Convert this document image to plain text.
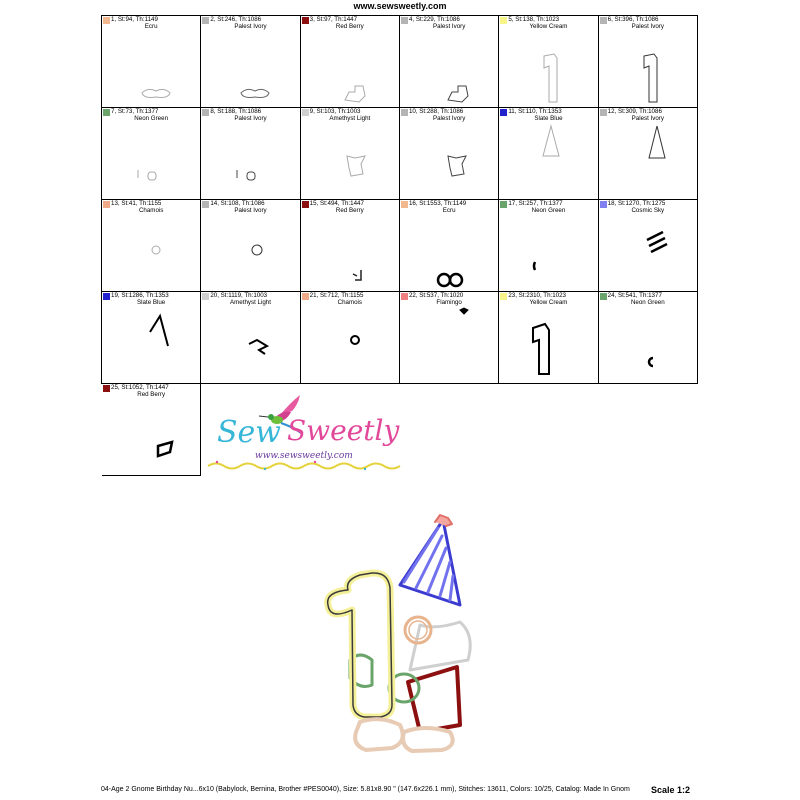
www.sewsweetly.com
1, St:94, Th:1149
Ecru
2, St:246, Th:1086
Palest Ivory
3, St:97, Th:1447
Red Berry
4, St:229, Th:1086
Palest Ivory
5, St:138, Th:1023
Yellow Cream
6, St:396, Th:1086
Palest Ivory
7, St:73, Th:1377
Neon Green
8, St:188, Th:1086
Palest Ivory
9, St:103, Th:1003
Amethyst Light
10, St:288, Th:1086
Palest Ivory
11, St:110, Th:1353
Slate Blue
12, St:309, Th:1086
Palest Ivory
13, St:41, Th:1155
Chamois
14, St:108, Th:1086
Palest Ivory
15, St:494, Th:1447
Red Berry
16, St:1553, Th:1149
Ecru
17, St:257, Th:1377
Neon Green
18, St:1270, Th:1275
Cosmic Sky
19, St:1286, Th:1353
Slate Blue
20, St:1119, Th:1003
Amethyst Light
21, St:712, Th:1155
Chamois
22, St:537, Th:1020
Flamingo
23, St:2310, Th:1023
Yellow Cream
24, St:541, Th:1377
Neon Green
25, St:1052, Th:1447
Red Berry
Sew Sweetly
www.sewsweetly.com
04-Age 2 Gnome Birthday Nu...6x10 (Babylock, Bernina, Brother #PES0040), Size: 5.81x8.90 " (147.6x226.1 mm), Stitches: 13611, Colors: 10/25, Catalog: Made In Gnom Scale 1:2
